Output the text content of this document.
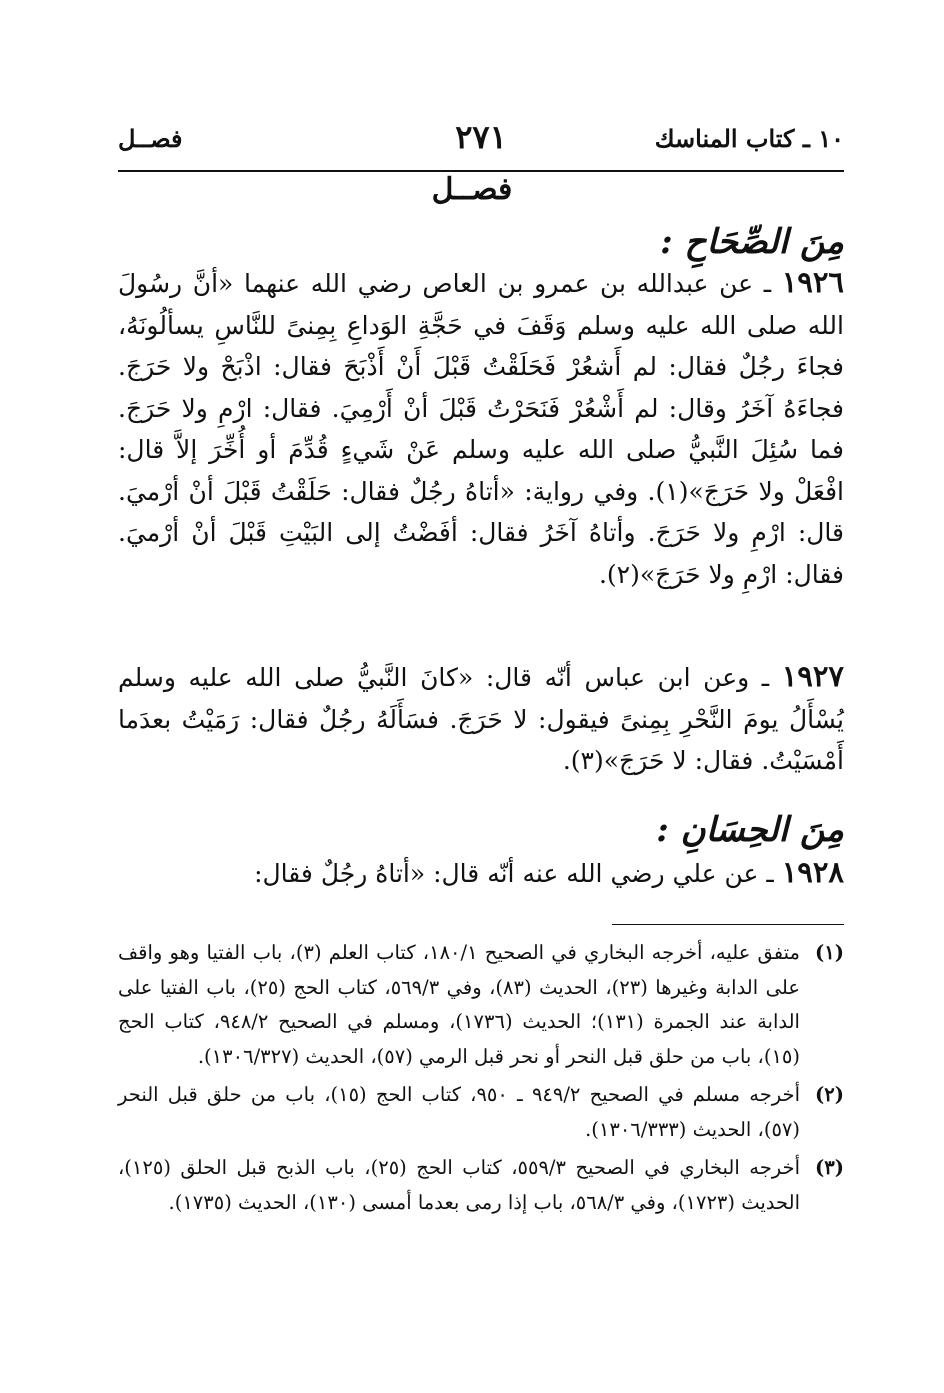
١٠ ـ كتاب المناسك
٢٧١
فصــل
فصــل
مِنَ الصِّحَاحِ :

١٩٢٦ ـ عن عبدالله بن عمرو بن العاص رضي الله عنهما «أنَّ رسُولَ الله صلى الله عليه وسلم وَقَفَ في حَجَّةِ الوَداعِ بِمِنىً للنَّاسِ يسألُونَهُ، فجاءَ رجُلٌ فقال: لم أَشعُرْ فَحَلَقْتُ قَبْلَ أَنْ أَذْبَحَ فقال: اذْبَحْ ولا حَرَجَ. فجاءَهُ آخَرُ وقال: لم أَشْعُرْ فَنَحَرْتُ قَبْلَ أنْ أَرْمِيَ. فقال: ارْمِ ولا حَرَجَ. فما سُئِلَ النَّبيُّ صلى الله عليه وسلم عَنْ شَيءٍ قُدِّمَ أو أُخِّرَ إلاَّ قال: افْعَلْ ولا حَرَجَ»(١). وفي رواية: «أتاهُ رجُلٌ فقال: حَلَقْتُ قَبْلَ أنْ أرْميَ. قال: ارْمِ ولا حَرَجَ. وأتاهُ آخَرُ فقال: أفَضْتُ إلى البَيْتِ قَبْلَ أنْ أرْميَ. فقال: ارْمِ ولا حَرَجَ»(٢).

١٩٢٧ ـ وعن ابن عباس أنّه قال: «كانَ النَّبيُّ صلى الله عليه وسلم يُسْأَلُ يومَ النَّحْرِ بِمِنىً فيقول: لا حَرَجَ. فسَأَلَهُ رجُلٌ فقال: رَمَيْتُ بعدَما أَمْسَيْتُ. فقال: لا حَرَجَ»(٣).

مِنَ الحِسَانِ :

١٩٢٨ ـ عن علي رضي الله عنه أنّه قال: «أتاهُ رجُلٌ فقال:

(١)
متفق عليه، أخرجه البخاري في الصحيح ١٨٠/١، كتاب العلم (٣)، باب الفتيا وهو واقف على الدابة وغيرها (٢٣)، الحديث (٨٣)، وفي ٥٦٩/٣، كتاب الحج (٢٥)، باب الفتيا على الدابة عند الجمرة (١٣١)؛ الحديث (١٧٣٦)، ومسلم في الصحيح ٩٤٨/٢، كتاب الحج (١٥)، باب من حلق قبل النحر أو نحر قبل الرمي (٥٧)، الحديث (١٣٠٦/٣٢٧).

(٢)
أخرجه مسلم في الصحيح ٩٤٩/٢ ـ ٩٥٠، كتاب الحج (١٥)، باب من حلق قبل النحر (٥٧)، الحديث (١٣٠٦/٣٣٣).

(٣)
أخرجه البخاري في الصحيح ٥٥٩/٣، كتاب الحج (٢٥)، باب الذبح قبل الحلق (١٢٥)، الحديث (١٧٢٣)، وفي ٥٦٨/٣، باب إذا رمى بعدما أمسى (١٣٠)، الحديث (١٧٣٥).
